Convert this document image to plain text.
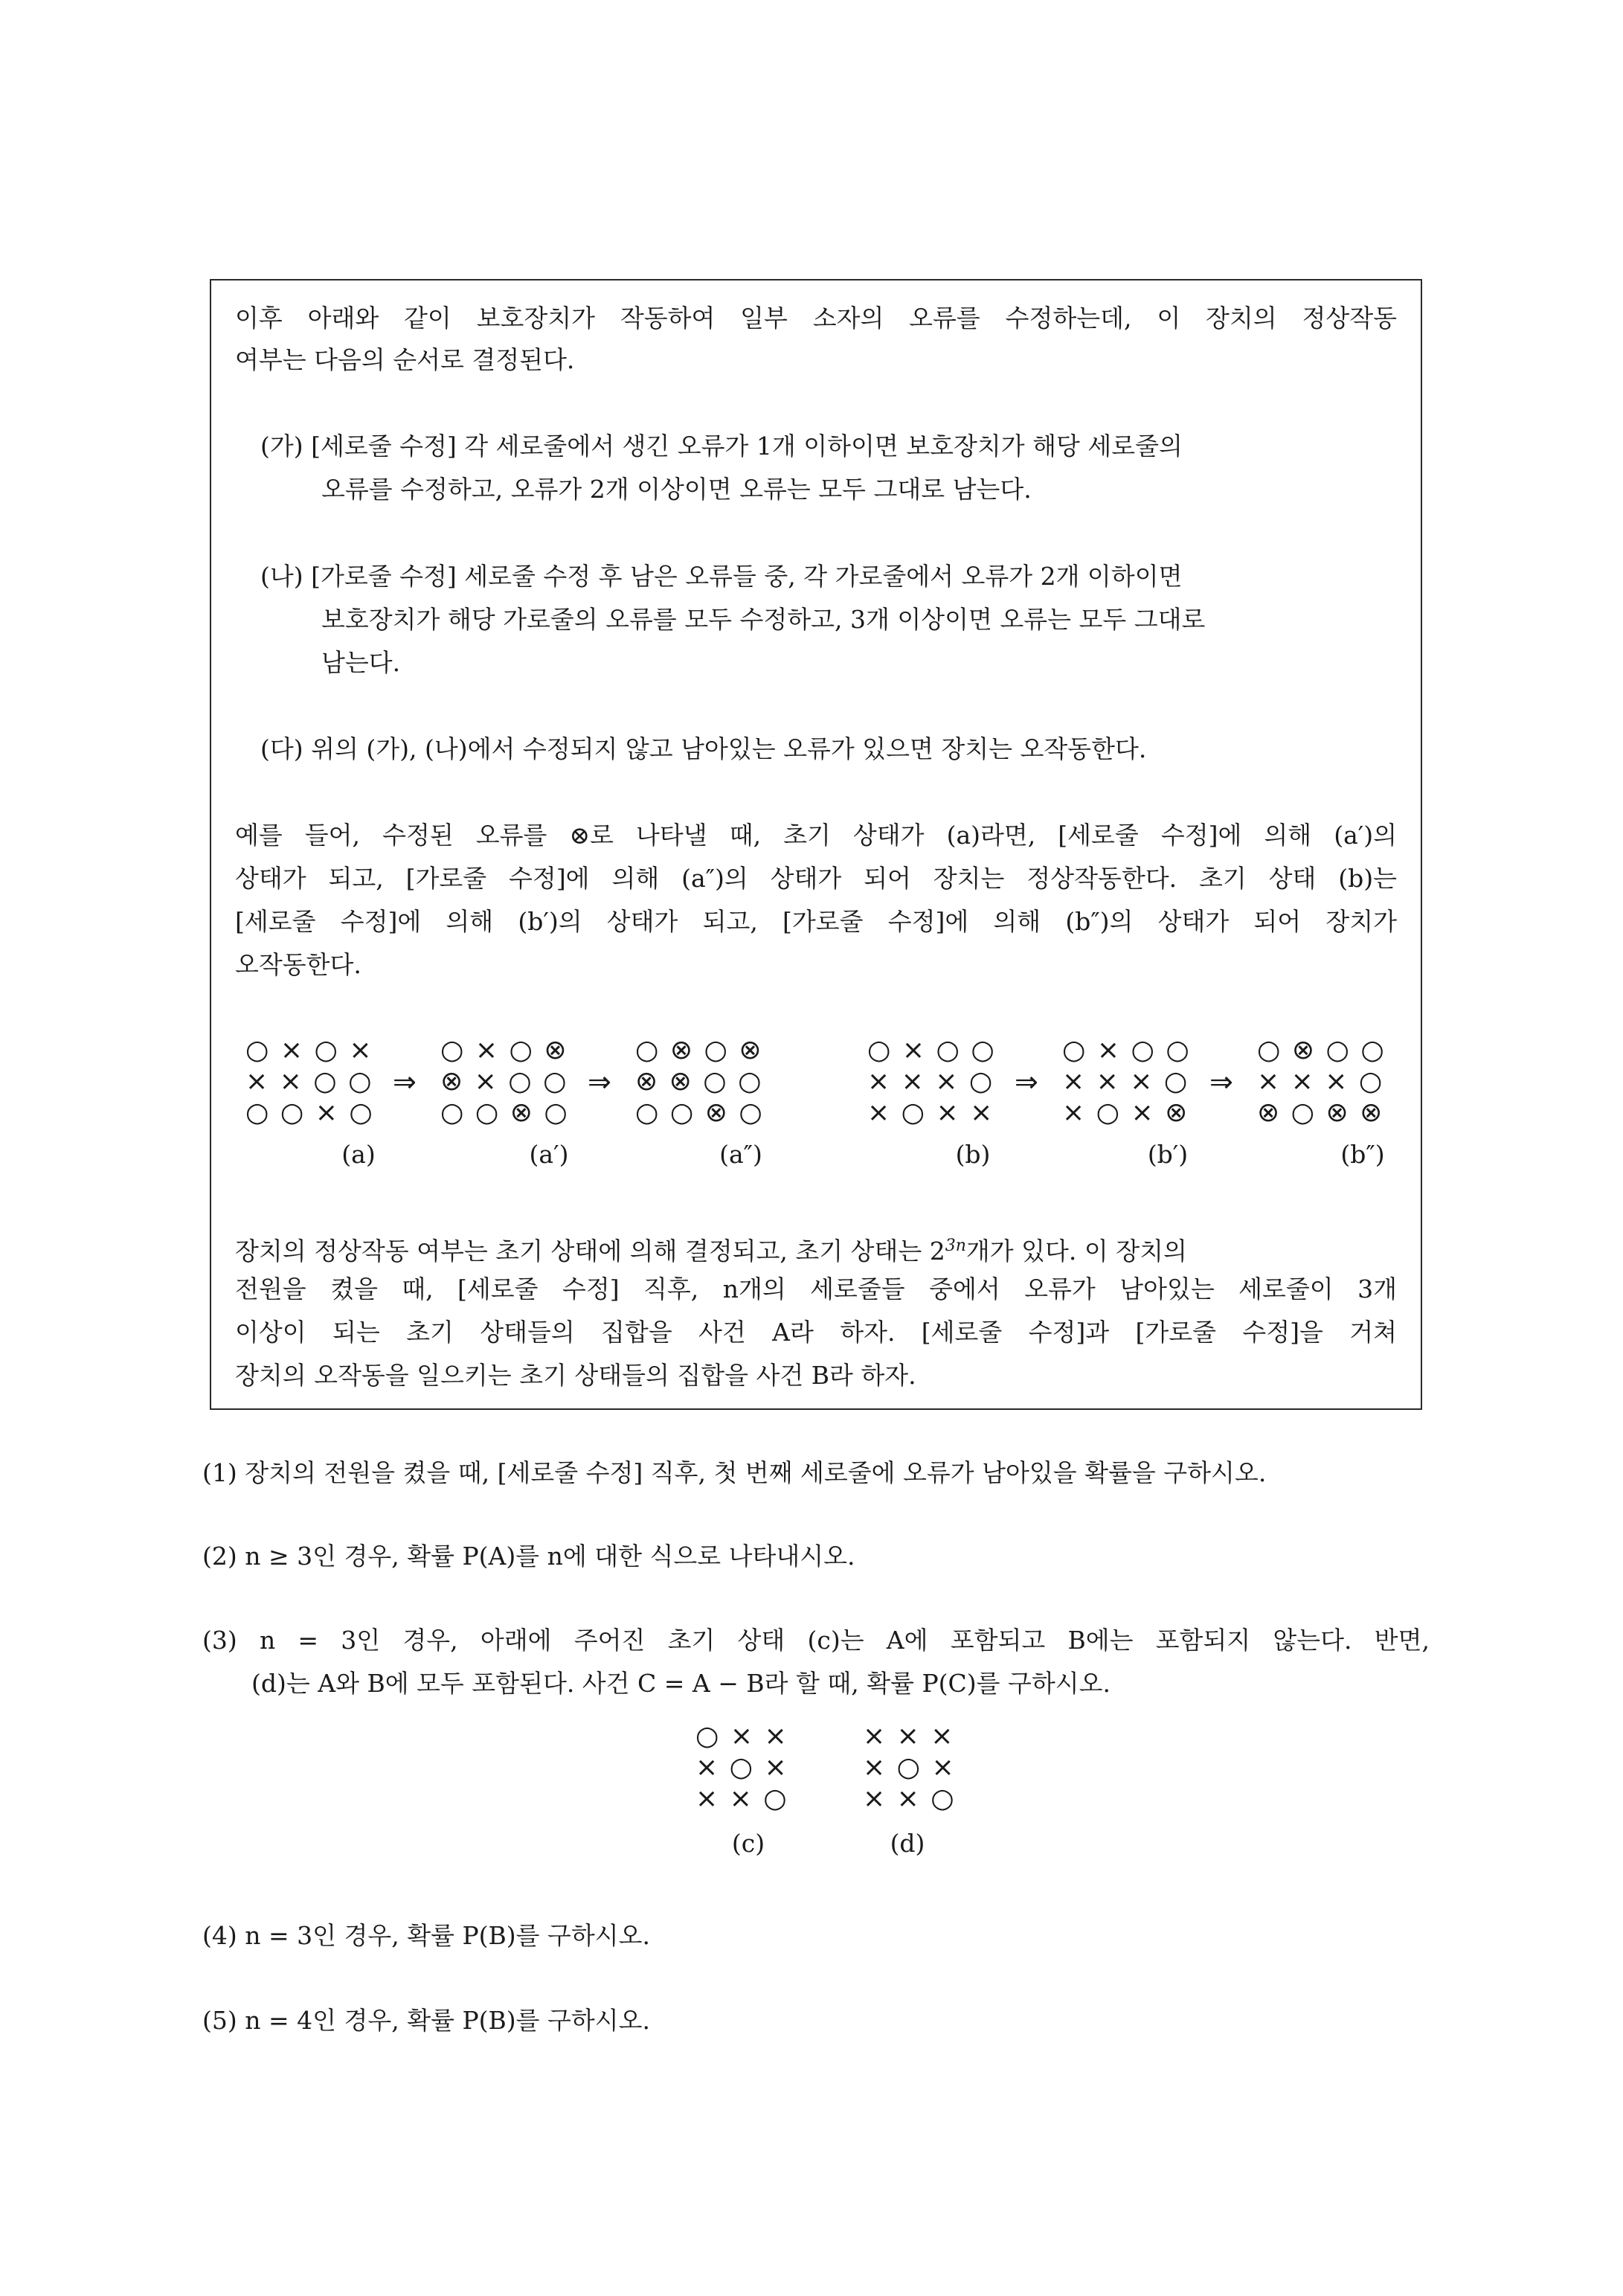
이후 아래와 같이 보호장치가 작동하여 일부 소자의 오류를 수정하는데, 이 장치의 정상작동
여부는 다음의 순서로 결정된다.
(가) [세로줄 수정] 각 세로줄에서 생긴 오류가 1개 이하이면 보호장치가 해당 세로줄의
오류를 수정하고, 오류가 2개 이상이면 오류는 모두 그대로 남는다.
(나) [가로줄 수정] 세로줄 수정 후 남은 오류들 중, 각 가로줄에서 오류가 2개 이하이면
보호장치가 해당 가로줄의 오류를 모두 수정하고, 3개 이상이면 오류는 모두 그대로
남는다.
(다) 위의 (가), (나)에서 수정되지 않고 남아있는 오류가 있으면 장치는 오작동한다.
예를 들어, 수정된 오류를 ⊗로 나타낼 때, 초기 상태가 (a)라면, [세로줄 수정]에 의해 (a′)의
상태가 되고, [가로줄 수정]에 의해 (a″)의 상태가 되어 장치는 정상작동한다. 초기 상태 (b)는
[세로줄 수정]에 의해 (b′)의 상태가 되고, [가로줄 수정]에 의해 (b″)의 상태가 되어 장치가
오작동한다.
○ × ○ ×
× × ○ ○
○ ○ × ○
⇒
○ × ○ ⊗
⊗ × ○ ○
○ ○ ⊗ ○
⇒
○ ⊗ ○ ⊗
⊗ ⊗ ○ ○
○ ○ ⊗ ○
○ × ○ ○
× × × ○
× ○ × ×
⇒
○ × ○ ○
× × × ○
× ○ × ⊗
⇒
○ ⊗ ○ ○
× × × ○
⊗ ○ ⊗ ⊗
(a)	(a′)	(a″)	(b)	(b′)	(b″)
장치의 정상작동 여부는 초기 상태에 의해 결정되고, 초기 상태는 $2^{3n}$개가 있다. 이 장치의
전원을 켰을 때, [세로줄 수정] 직후, n개의 세로줄들 중에서 오류가 남아있는 세로줄이 3개
이상이 되는 초기 상태들의 집합을 사건 A라 하자. [세로줄 수정]과 [가로줄 수정]을 거쳐
장치의 오작동을 일으키는 초기 상태들의 집합을 사건 B라 하자.
(1) 장치의 전원을 켰을 때, [세로줄 수정] 직후, 첫 번째 세로줄에 오류가 남아있을 확률을 구하시오.
(2) n ≥ 3인 경우, 확률 P(A)를 n에 대한 식으로 나타내시오.
(3) n = 3인 경우, 아래에 주어진 초기 상태 (c)는 A에 포함되고 B에는 포함되지 않는다. 반면,
(d)는 A와 B에 모두 포함된다. 사건 C = A − B라 할 때, 확률 P(C)를 구하시오.
○ × ×
× ○ ×
× × ○
× × ×
× ○ ×
× × ○
(c)	(d)
(4) n = 3인 경우, 확률 P(B)를 구하시오.
(5) n = 4인 경우, 확률 P(B)를 구하시오.
